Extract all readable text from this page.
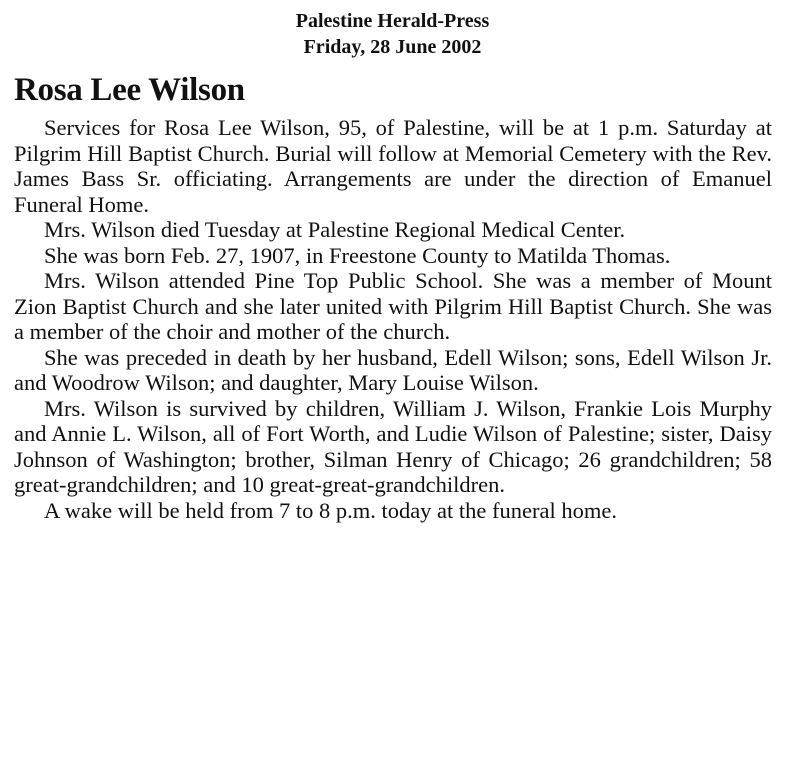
Palestine Herald-Press
Friday, 28 June 2002
Rosa Lee Wilson

Services for Rosa Lee Wilson, 95, of Palestine, will be at 1 p.m. Saturday at Pilgrim Hill Baptist Church. Burial will follow at Memorial Cemetery with the Rev. James Bass Sr. officiating. Arrangements are under the direction of Emanuel Funeral Home.

Mrs. Wilson died Tuesday at Palestine Regional Medical Center.

She was born Feb. 27, 1907, in Freestone County to Matilda Thomas.

Mrs. Wilson attended Pine Top Public School. She was a member of Mount Zion Baptist Church and she later united with Pilgrim Hill Baptist Church. She was a member of the choir and mother of the church.

She was preceded in death by her husband, Edell Wilson; sons, Edell Wilson Jr. and Woodrow Wilson; and daughter, Mary Louise Wilson.

Mrs. Wilson is survived by children, William J. Wilson, Frankie Lois Murphy and Annie L. Wilson, all of Fort Worth, and Ludie Wilson of Palestine; sister, Daisy Johnson of Washington; brother, Silman Henry of Chicago; 26 grandchildren; 58 great-grandchildren; and 10 great-great-grandchildren.

A wake will be held from 7 to 8 p.m. today at the funeral home.
